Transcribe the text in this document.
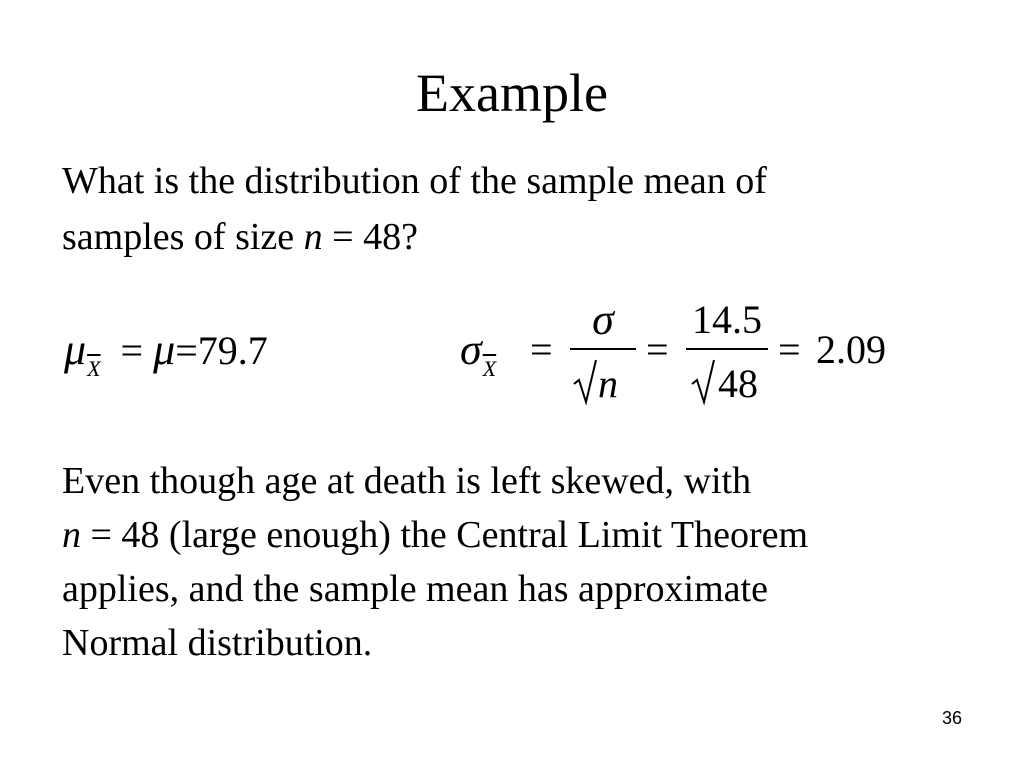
Example
What is the distribution of the sample mean of
samples of size n = 48?
$\mu\overline{X} = \mu=79.7$	$\sigma\overline{X}$ =
σ
n
=
14.5
48
= 2.09
Even though age at death is left skewed, with
n = 48 (large enough) the Central Limit Theorem
applies, and the sample mean has approximate
Normal distribution.
36
